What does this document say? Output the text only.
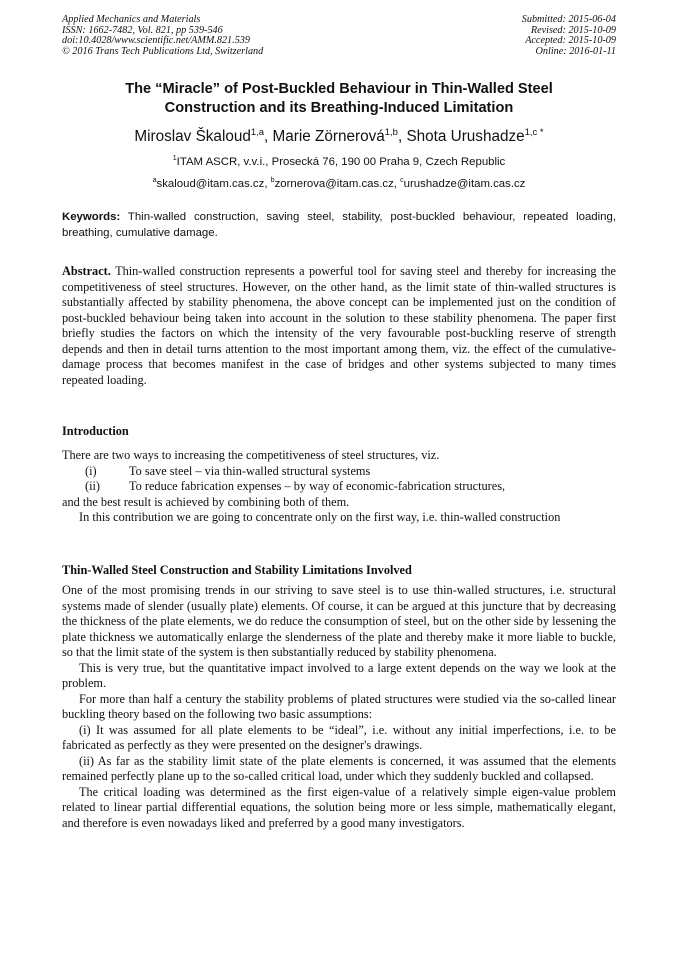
Applied Mechanics and Materials
ISSN: 1662-7482, Vol. 821, pp 539-546
doi:10.4028/www.scientific.net/AMM.821.539
© 2016 Trans Tech Publications Ltd, Switzerland
Submitted: 2015-06-04
Revised: 2015-10-09
Accepted: 2015-10-09
Online: 2016-01-11
The “Miracle” of Post-Buckled Behaviour in Thin-Walled Steel
Construction and its Breathing-Induced Limitation
Miroslav Škaloud$^{1,a}$, Marie Zörnerová$^{1,b}$, Shota Urushadze$^{1,c *}$
$^1$ITAM ASCR, v.v.i., Prosecká 76, 190 00 Praha 9, Czech Republic
$^a$skaloud@itam.cas.cz, $^b$zornerova@itam.cas.cz, $^c$urushadze@itam.cas.cz
Keywords: Thin-walled construction, saving steel, stability, post-buckled behaviour, repeated loading, breathing, cumulative damage.
Abstract. Thin-walled construction represents a powerful tool for saving steel and thereby for increasing the competitiveness of steel structures. However, on the other hand, as the limit state of thin-walled structures is substantially affected by stability phenomena, the above concept can be implemented just on the condition of post-buckled behaviour being taken into account in the solution to these stability phenomena. The paper first briefly studies the factors on which the intensity of the very favourable post-buckling reserve of strength depends and then in detail turns attention to the most important among them, viz. the effect of the cumulative-damage process that becomes manifest in the case of bridges and other systems subjected to many times repeated loading.
Introduction
There are two ways to increasing the competitiveness of steel structures, viz.
(i)	To save steel – via thin-walled structural systems
(ii) To reduce fabrication expenses – by way of economic-fabrication structures,
and the best result is achieved by combining both of them.

In this contribution we are going to concentrate only on the first way, i.e. thin-walled construction

Thin-Walled Steel Construction and Stability Limitations Involved

One of the most promising trends in our striving to save steel is to use thin-walled structures, i.e. structural systems made of slender (usually plate) elements. Of course, it can be argued at this juncture that by decreasing the thickness of the plate elements, we do reduce the consumption of steel, but on the other side by lessening the plate thickness we automatically enlarge the slenderness of the plate and thereby make it more liable to buckle, so that the limit state of the system is then substantially reduced by stability phenomena.

This is very true, but the quantitative impact involved to a large extent depends on the way we look at the problem.

For more than half a century the stability problems of plated structures were studied via the so-called linear buckling theory based on the following two basic assumptions:

(i) It was assumed for all plate elements to be “ideal”, i.e. without any initial imperfections, i.e. to be fabricated as perfectly as they were presented on the designer's drawings.

(ii) As far as the stability limit state of the plate elements is concerned, it was assumed that the elements remained perfectly plane up to the so-called critical load, under which they suddenly buckled and collapsed.

The critical loading was determined as the first eigen-value of a relatively simple eigen-value problem related to linear partial differential equations, the solution being more or less simple, mathematically elegant, and therefore is even nowadays liked and preferred by a good many investigators.
